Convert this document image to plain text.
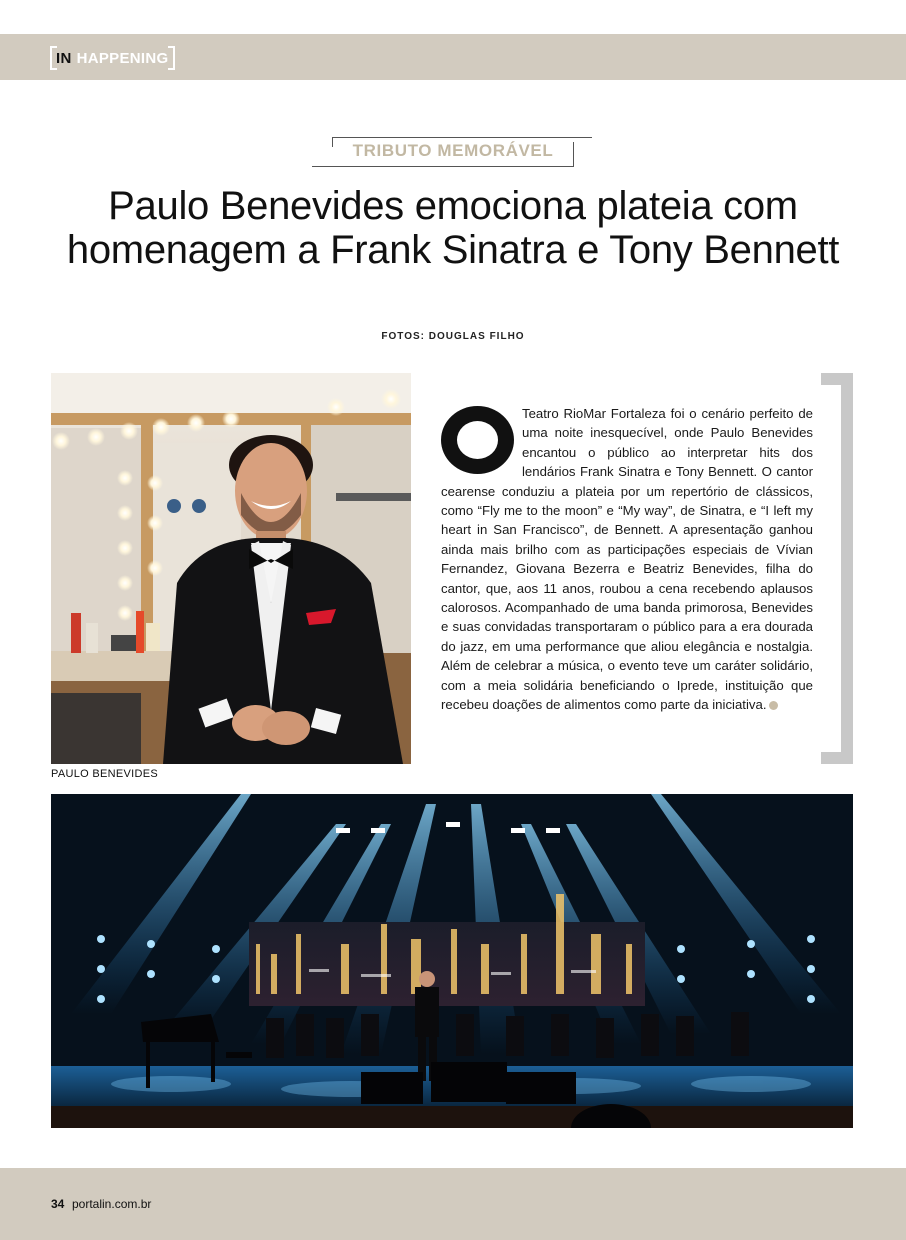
IN HAPPENING
TRIBUTO MEMORÁVEL
Paulo Benevides emociona plateia com homenagem a Frank Sinatra e Tony Bennett
FOTOS: DOUGLAS FILHO
PAULO BENEVIDES
Teatro RioMar Fortaleza foi o cenário perfeito de uma noite inesquecível, onde Paulo Benevides encantou o público ao interpretar hits dos lendários Frank Sinatra e Tony Bennett. O cantor cearense conduziu a plateia por um repertório de clássicos, como “Fly me to the moon” e “My way”, de Sinatra, e “I left my heart in San Francisco”, de Bennett. A apresentação ganhou ainda mais brilho com as participações especiais de Vívian Fernandez, Giovana Bezerra e Beatriz Benevides, filha do cantor, que, aos 11 anos, roubou a cena recebendo aplausos calorosos. Acompanhado de uma banda primorosa, Benevides e suas convidadas transportaram o público para a era dourada do jazz, em uma performance que aliou elegância e nostalgia. Além de celebrar a música, o evento teve um caráter solidário, com a meia solidária beneficiando o Iprede, instituição que recebeu doações de alimentos como parte da iniciativa.
34 portalin.com.br
